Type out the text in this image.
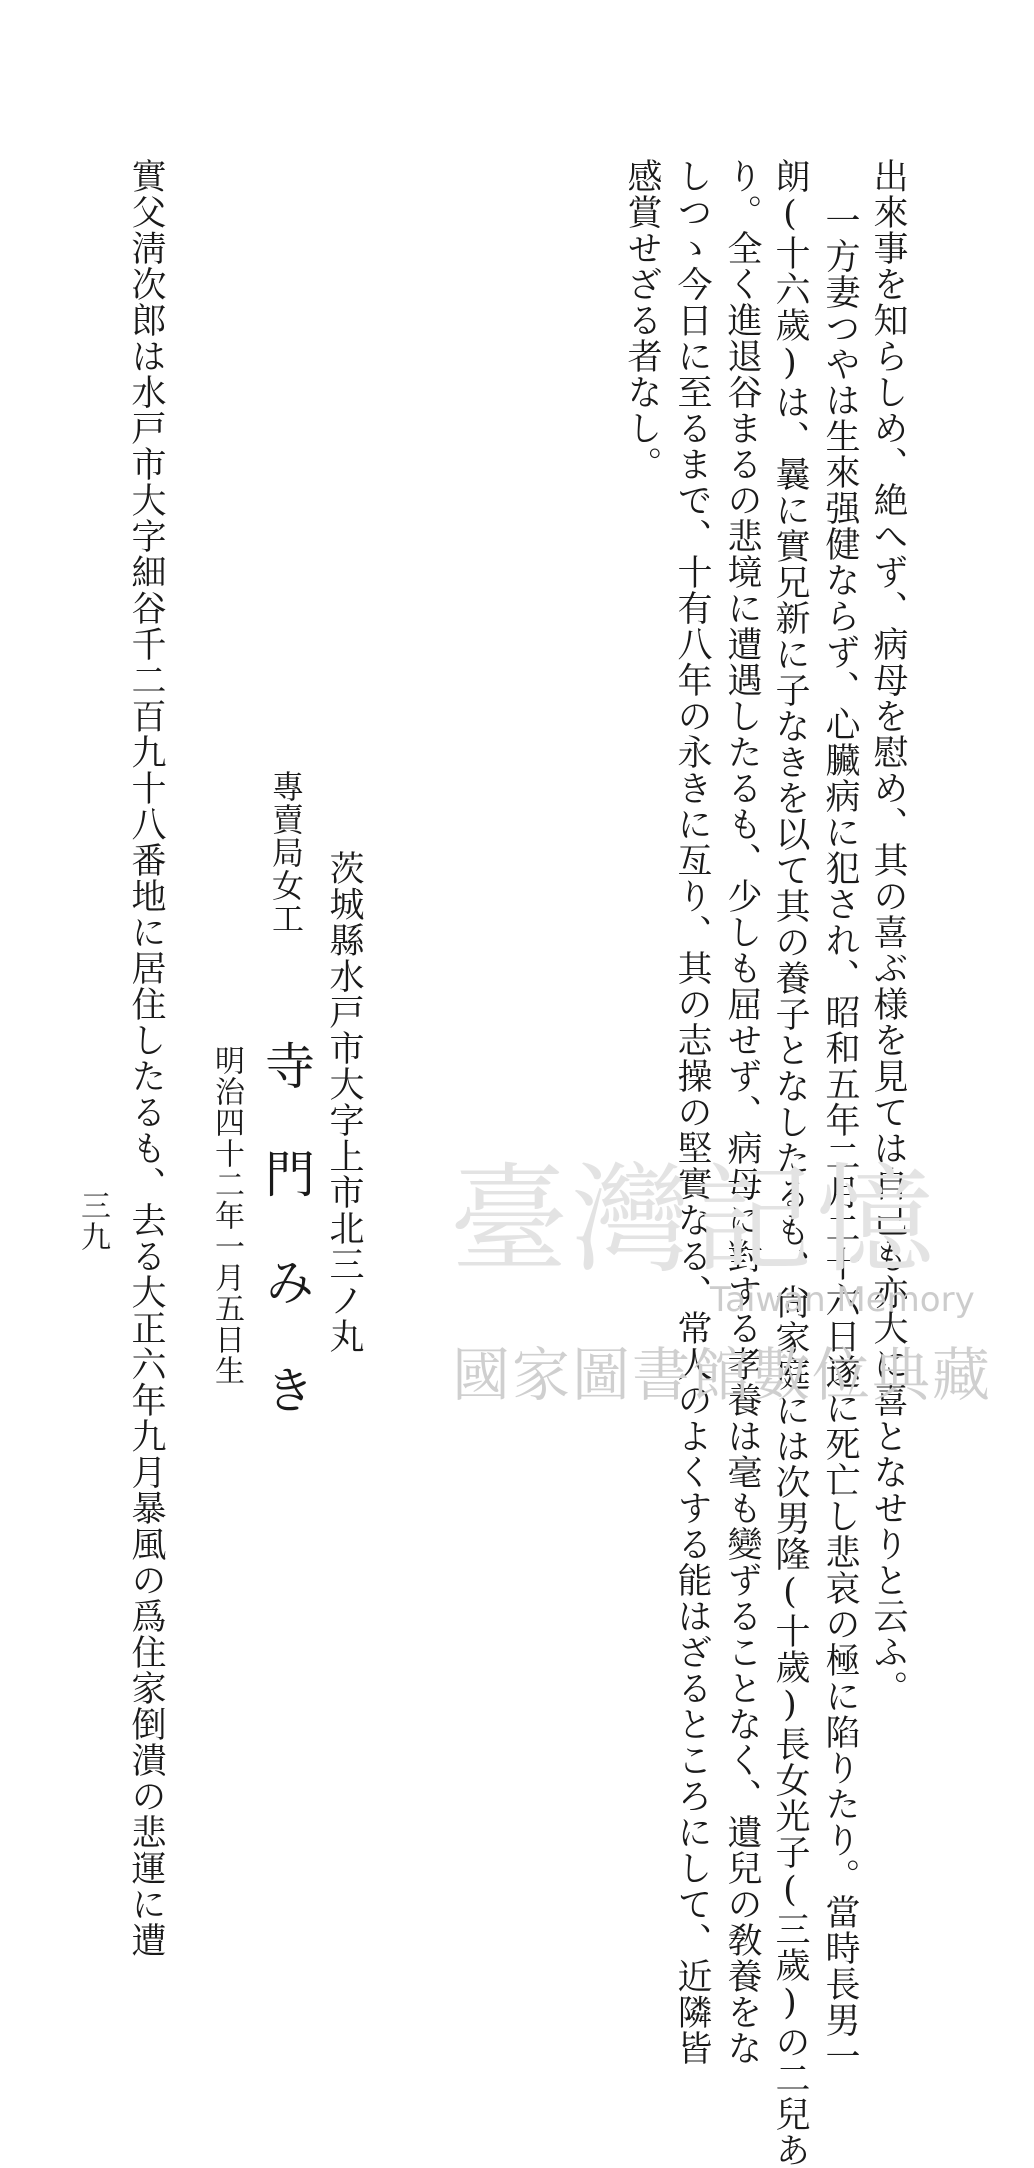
出來事を知らしめ、絶へず、病母を慰め、其の喜ぶ様を見ては自己も亦大に喜となせりと云ふ。
一方妻つやは生來强健ならず、心臟病に犯され、昭和五年二月二十六日遂に死亡し悲哀の極に陷りたり。當時長男一
朗(十六歲)は、曩に實兄新に子なきを以て其の養子となしたるも、尙家庭には次男隆(十歲)長女光子(三歲)の二兒あ
り。全く進退谷まるの悲境に遭遇したるも、少しも屈せず、病母に對する孝養は毫も變ずることなく、遺兒の敎養をな
しつゝ今日に至るまで、十有八年の永きに亙り、其の志操の堅實なる、常人のよくする能はざるところにして、近隣皆
感賞せざる者なし。
茨城縣水戸市大字上市北三ノ丸
專賣局女工
寺　門　み　き
明治四十二年一月五日生
實父淸次郎は水戸市大字細谷千二百九十八番地に居住したるも、去る大正六年九月暴風の爲住家倒潰の悲運に遭
三九	臺灣記憶
Taiwan Memory
國家圖書館數位典藏
